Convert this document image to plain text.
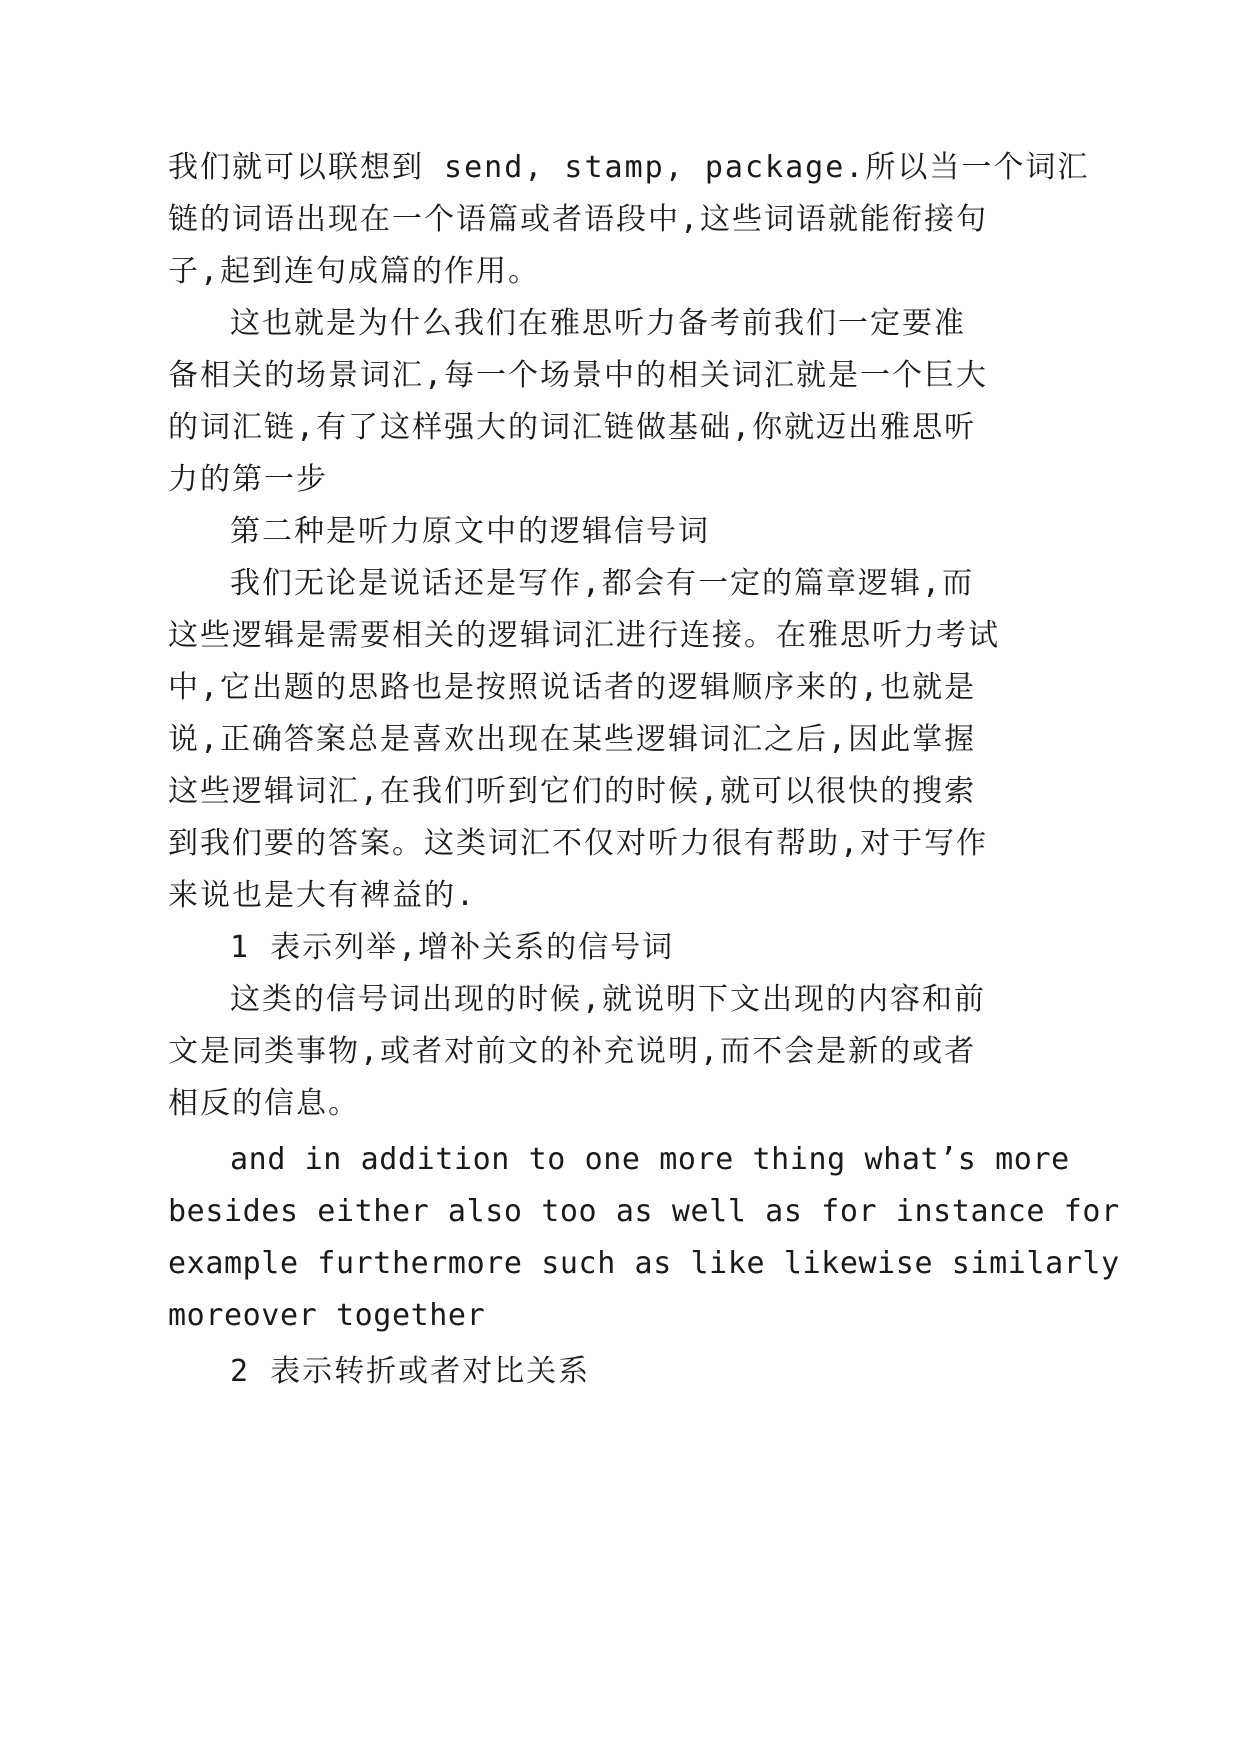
我们就可以联想到 send, stamp, package.所以当一个词汇
链的词语出现在一个语篇或者语段中,这些词语就能衔接句
子,起到连句成篇的作用。
这也就是为什么我们在雅思听力备考前我们一定要准
备相关的场景词汇,每一个场景中的相关词汇就是一个巨大
的词汇链,有了这样强大的词汇链做基础,你就迈出雅思听
力的第一步
第二种是听力原文中的逻辑信号词
我们无论是说话还是写作,都会有一定的篇章逻辑,而
这些逻辑是需要相关的逻辑词汇进行连接。在雅思听力考试
中,它出题的思路也是按照说话者的逻辑顺序来的,也就是
说,正确答案总是喜欢出现在某些逻辑词汇之后,因此掌握
这些逻辑词汇,在我们听到它们的时候,就可以很快的搜索
到我们要的答案。这类词汇不仅对听力很有帮助,对于写作
来说也是大有裨益的.
1 表示列举,增补关系的信号词
这类的信号词出现的时候,就说明下文出现的内容和前
文是同类事物,或者对前文的补充说明,而不会是新的或者
相反的信息。
and in addition to one more thing what’s more
besides either also too as well as for instance for
example furthermore such as like likewise similarly
moreover together
2 表示转折或者对比关系
